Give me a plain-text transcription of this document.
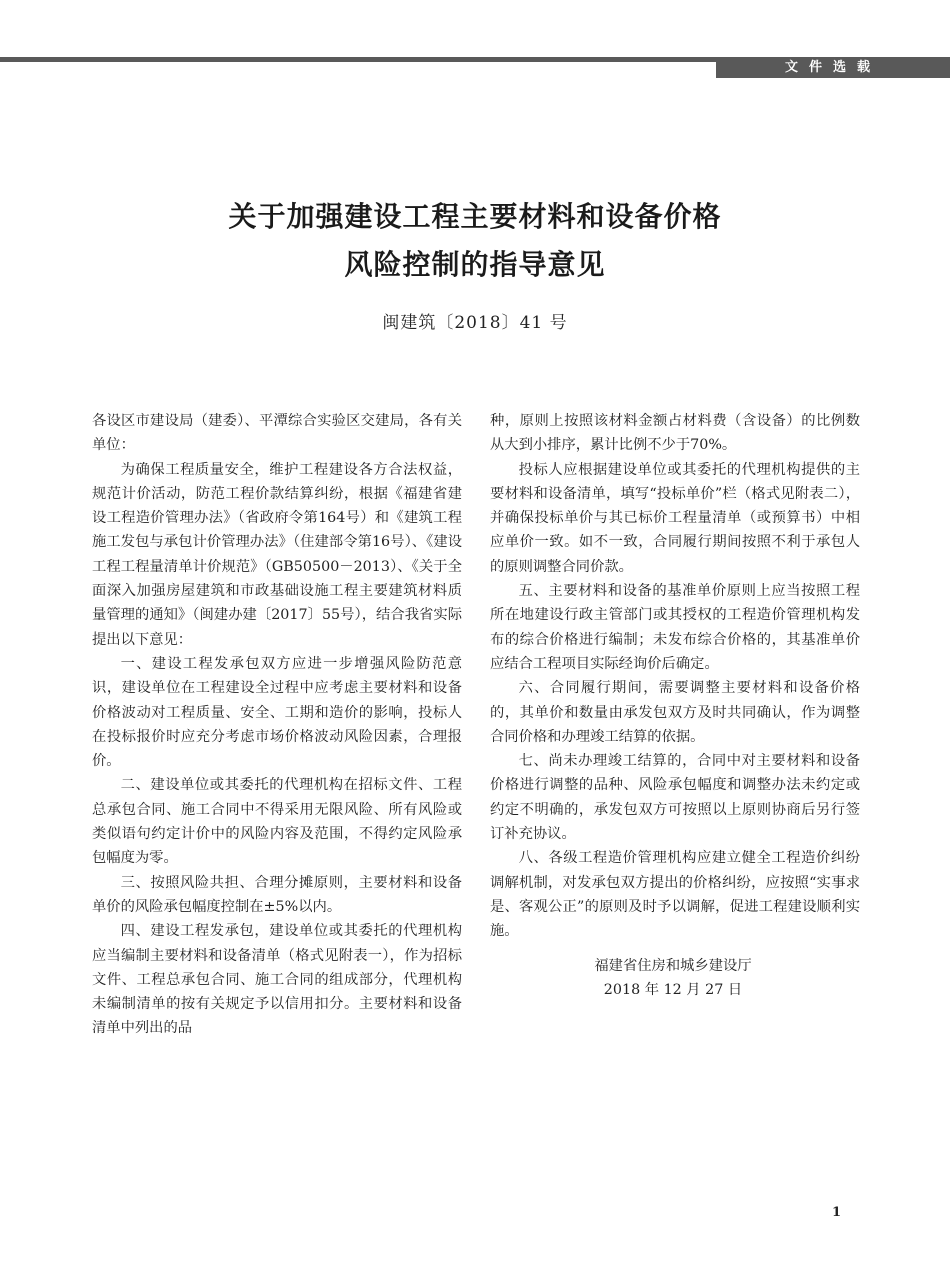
文件选载
关于加强建设工程主要材料和设备价格
风险控制的指导意见
闽建筑〔2018〕41 号

各设区市建设局（建委）、平潭综合实验区交建局，各有关单位：

为确保工程质量安全，维护工程建设各方合法权益，规范计价活动，防范工程价款结算纠纷，根据《福建省建设工程造价管理办法》（省政府令第164号）和《建筑工程施工发包与承包计价管理办法》（住建部令第16号）、《建设工程工程量清单计价规范》（GB50500－2013）、《关于全面深入加强房屋建筑和市政基础设施工程主要建筑材料质量管理的通知》（闽建办建〔2017〕55号），结合我省实际提出以下意见：

一、建设工程发承包双方应进一步增强风险防范意识，建设单位在工程建设全过程中应考虑主要材料和设备价格波动对工程质量、安全、工期和造价的影响，投标人在投标报价时应充分考虑市场价格波动风险因素，合理报价。

二、建设单位或其委托的代理机构在招标文件、工程总承包合同、施工合同中不得采用无限风险、所有风险或类似语句约定计价中的风险内容及范围，不得约定风险承包幅度为零。

三、按照风险共担、合理分摊原则，主要材料和设备单价的风险承包幅度控制在±5%以内。

四、建设工程发承包，建设单位或其委托的代理机构应当编制主要材料和设备清单（格式见附表一），作为招标文件、工程总承包合同、施工合同的组成部分，代理机构未编制清单的按有关规定予以信用扣分。主要材料和设备清单中列出的品

种，原则上按照该材料金额占材料费（含设备）的比例数从大到小排序，累计比例不少于70%。

投标人应根据建设单位或其委托的代理机构提供的主要材料和设备清单，填写“投标单价”栏（格式见附表二），并确保投标单价与其已标价工程量清单（或预算书）中相应单价一致。如不一致，合同履行期间按照不利于承包人的原则调整合同价款。

五、主要材料和设备的基准单价原则上应当按照工程所在地建设行政主管部门或其授权的工程造价管理机构发布的综合价格进行编制；未发布综合价格的，其基准单价应结合工程项目实际经询价后确定。

六、合同履行期间，需要调整主要材料和设备价格的，其单价和数量由承发包双方及时共同确认，作为调整合同价格和办理竣工结算的依据。

七、尚未办理竣工结算的，合同中对主要材料和设备价格进行调整的品种、风险承包幅度和调整办法未约定或约定不明确的，承发包双方可按照以上原则协商后另行签订补充协议。

八、各级工程造价管理机构应建立健全工程造价纠纷调解机制，对发承包双方提出的价格纠纷，应按照“实事求是、客观公正”的原则及时予以调解，促进工程建设顺利实施。

福建省住房和城乡建设厅
2018 年 12 月 27 日
1
